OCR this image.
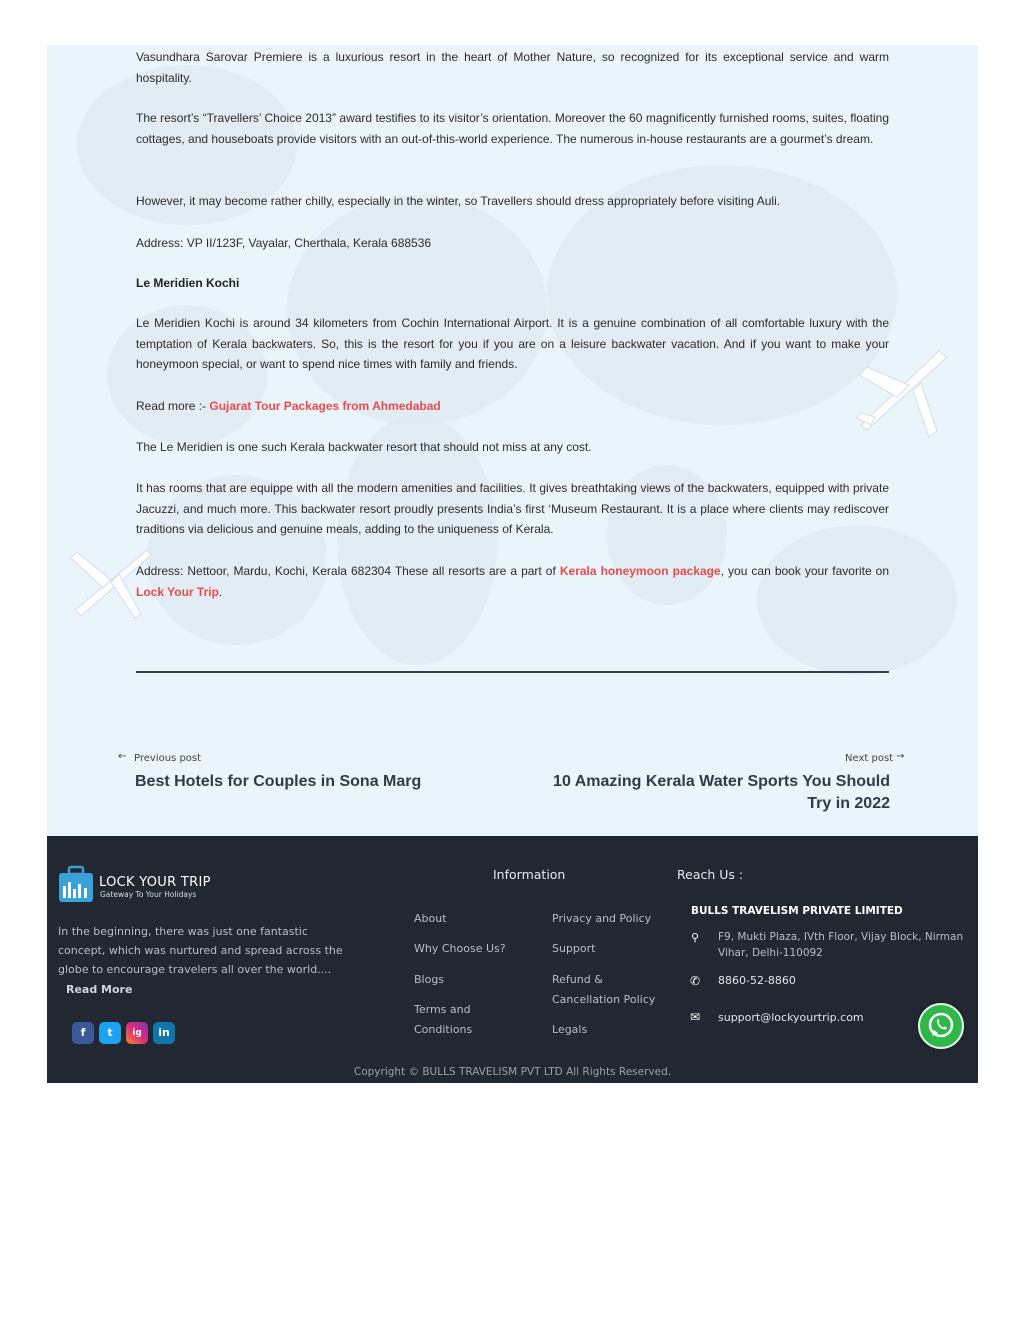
Vasundhara Sarovar Premiere is a luxurious resort in the heart of Mother Nature, so recognized for its exceptional service and warm hospitality.

The resort’s “Travellers’ Choice 2013” award testifies to its visitor’s orientation. Moreover the 60 magnificently furnished rooms, suites, floating cottages, and houseboats provide visitors with an out-of-this-world experience. The numerous in-house restaurants are a gourmet’s dream.

However, it may become rather chilly, especially in the winter, so Travellers should dress appropriately before visiting Auli.

Address: VP II/123F, Vayalar, Cherthala, Kerala 688536

Le Meridien Kochi

Le Meridien Kochi is around 34 kilometers from Cochin International Airport. It is a genuine combination of all comfortable luxury with the temptation of Kerala backwaters. So, this is the resort for you if you are on a leisure backwater vacation. And if you want to make your honeymoon special, or want to spend nice times with family and friends.

Read more :- Gujarat Tour Packages from Ahmedabad

The Le Meridien is one such Kerala backwater resort that should not miss at any cost.

It has rooms that are equippe with all the modern amenities and facilities. It gives breathtaking views of the backwaters, equipped with private Jacuzzi, and much more. This backwater resort proudly presents India’s first ‘Museum Restaurant. It is a place where clients may rediscover traditions via delicious and genuine meals, adding to the uniqueness of Kerala.

Address: Nettoor, Mardu, Kochi, Kerala 682304 These all resorts are a part of Kerala honeymoon package, you can book your favorite on Lock Your Trip.

← Previous post
Best Hotels for Couples in Sona Marg
Next post →
10 Amazing Kerala Water Sports You Should Try in 2022
LOCK YOUR TRIP
Gateway To Your Holidays
In the beginning, there was just one fantastic concept, which was nurtured and spread across the globe to encourage travelers all over the world....
Read More
f	t	ig	in
Information
About
Why Choose Us?
Blogs
Terms and Conditions
Privacy and Policy
Support
Refund & Cancellation Policy
Legals
Reach Us :
BULLS TRAVELISM PRIVATE LIMITED
⚲ F9, Mukti Plaza, IVth Floor, Vijay Block, Nirman Vihar, Delhi-110092
✆ 8860-52-8860
✉ support@lockyourtrip.com
Copyright © BULLS TRAVELISM PVT LTD All Rights Reserved.
